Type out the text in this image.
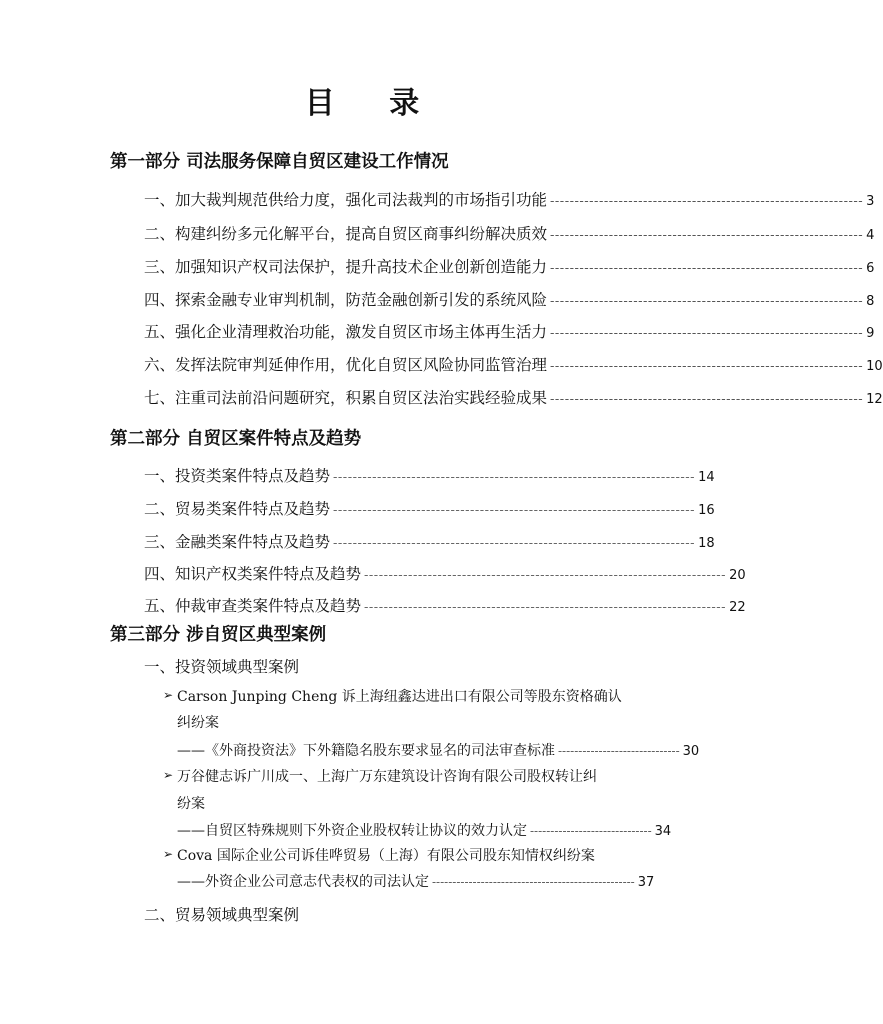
目 录
第一部分 司法服务保障自贸区建设工作情况
一、加大裁判规范供给力度，强化司法裁判的市场指引功能 ---------------------------------------------------------------- 3
二、构建纠纷多元化解平台，提高自贸区商事纠纷解决质效 ---------------------------------------------------------------- 4
三、加强知识产权司法保护，提升高技术企业创新创造能力 ---------------------------------------------------------------- 6
四、探索金融专业审判机制，防范金融创新引发的系统风险 ---------------------------------------------------------------- 8
五、强化企业清理救治功能，激发自贸区市场主体再生活力 ---------------------------------------------------------------- 9
六、发挥法院审判延伸作用，优化自贸区风险协同监管治理 ---------------------------------------------------------------- 10
七、注重司法前沿问题研究，积累自贸区法治实践经验成果 ---------------------------------------------------------------- 12
第二部分 自贸区案件特点及趋势
一、投资类案件特点及趋势 -------------------------------------------------------------------------- 14
二、贸易类案件特点及趋势 -------------------------------------------------------------------------- 16
三、金融类案件特点及趋势 -------------------------------------------------------------------------- 18
四、知识产权类案件特点及趋势 -------------------------------------------------------------------------- 20
五、仲裁审查类案件特点及趋势 -------------------------------------------------------------------------- 22
第三部分 涉自贸区典型案例
一、投资领域典型案例
➢ Carson Junping Cheng 诉上海纽鑫达进出口有限公司等股东资格确认
纠纷案
——《外商投资法》下外籍隐名股东要求显名的司法审查标准 ------------------------------ 30
➢ 万谷健志诉广川成一、上海广万东建筑设计咨询有限公司股权转让纠
纷案
——自贸区特殊规则下外资企业股权转让协议的效力认定 ------------------------------ 34
➢ Cova 国际企业公司诉佳哗贸易（上海）有限公司股东知情权纠纷案
——外资企业公司意志代表权的司法认定 -------------------------------------------------- 37
二、贸易领域典型案例
